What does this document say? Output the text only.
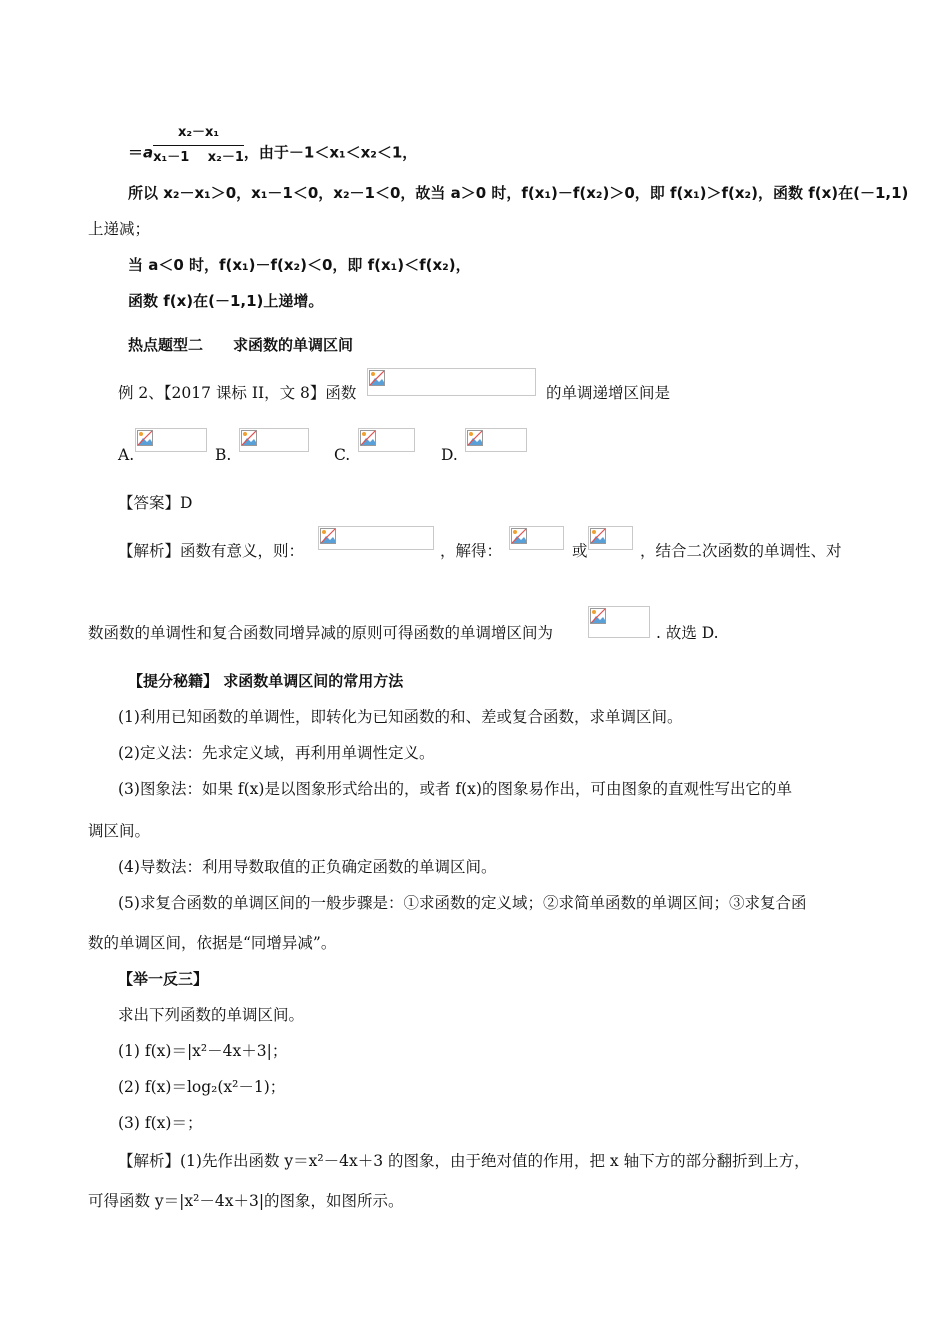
$=a \frac{\text{x₂－x₁}}{\text{x₁－1 x₂－1}}$ ，由于－1＜x₁＜x₂＜1，
所以 x₂－x₁＞0，x₁－1＜0，x₂－1＜0，故当 a＞0 时，f(x₁)－f(x₂)＞0，即 f(x₁)＞f(x₂)，函数 f(x)在(－1,1)
上递减；
当 a＜0 时，f(x₁)－f(x₂)＜0，即 f(x₁)＜f(x₂)，
函数 f(x)在(－1,1)上递增。
热点题型二　　求函数的单调区间
例 2、【2017 课标 II，文 8】函数	的单调递增区间是
A.	B.	C.	D.
【答案】D
【解析】函数有意义，则：	，解得：	或	，结合二次函数的单调性、对
数函数的单调性和复合函数同增异减的原则可得函数的单调增区间为	. 故选 D.
【提分秘籍】 求函数单调区间的常用方法
(1)利用已知函数的单调性，即转化为已知函数的和、差或复合函数，求单调区间。
(2)定义法：先求定义域，再利用单调性定义。
(3)图象法：如果 f(x)是以图象形式给出的，或者 f(x)的图象易作出，可由图象的直观性写出它的单
调区间。
(4)导数法：利用导数取值的正负确定函数的单调区间。
(5)求复合函数的单调区间的一般步骤是：①求函数的定义域；②求简单函数的单调区间；③求复合函
数的单调区间，依据是“同增异减”。
【举一反三】
求出下列函数的单调区间。
(1) f(x)＝|x²－4x＋3|；
(2) f(x)＝log₂(x²－1)；
(3) f(x)＝；
【解析】(1)先作出函数 y＝x²－4x＋3 的图象，由于绝对值的作用，把 x 轴下方的部分翻折到上方，
可得函数 y＝|x²－4x＋3|的图象，如图所示。
